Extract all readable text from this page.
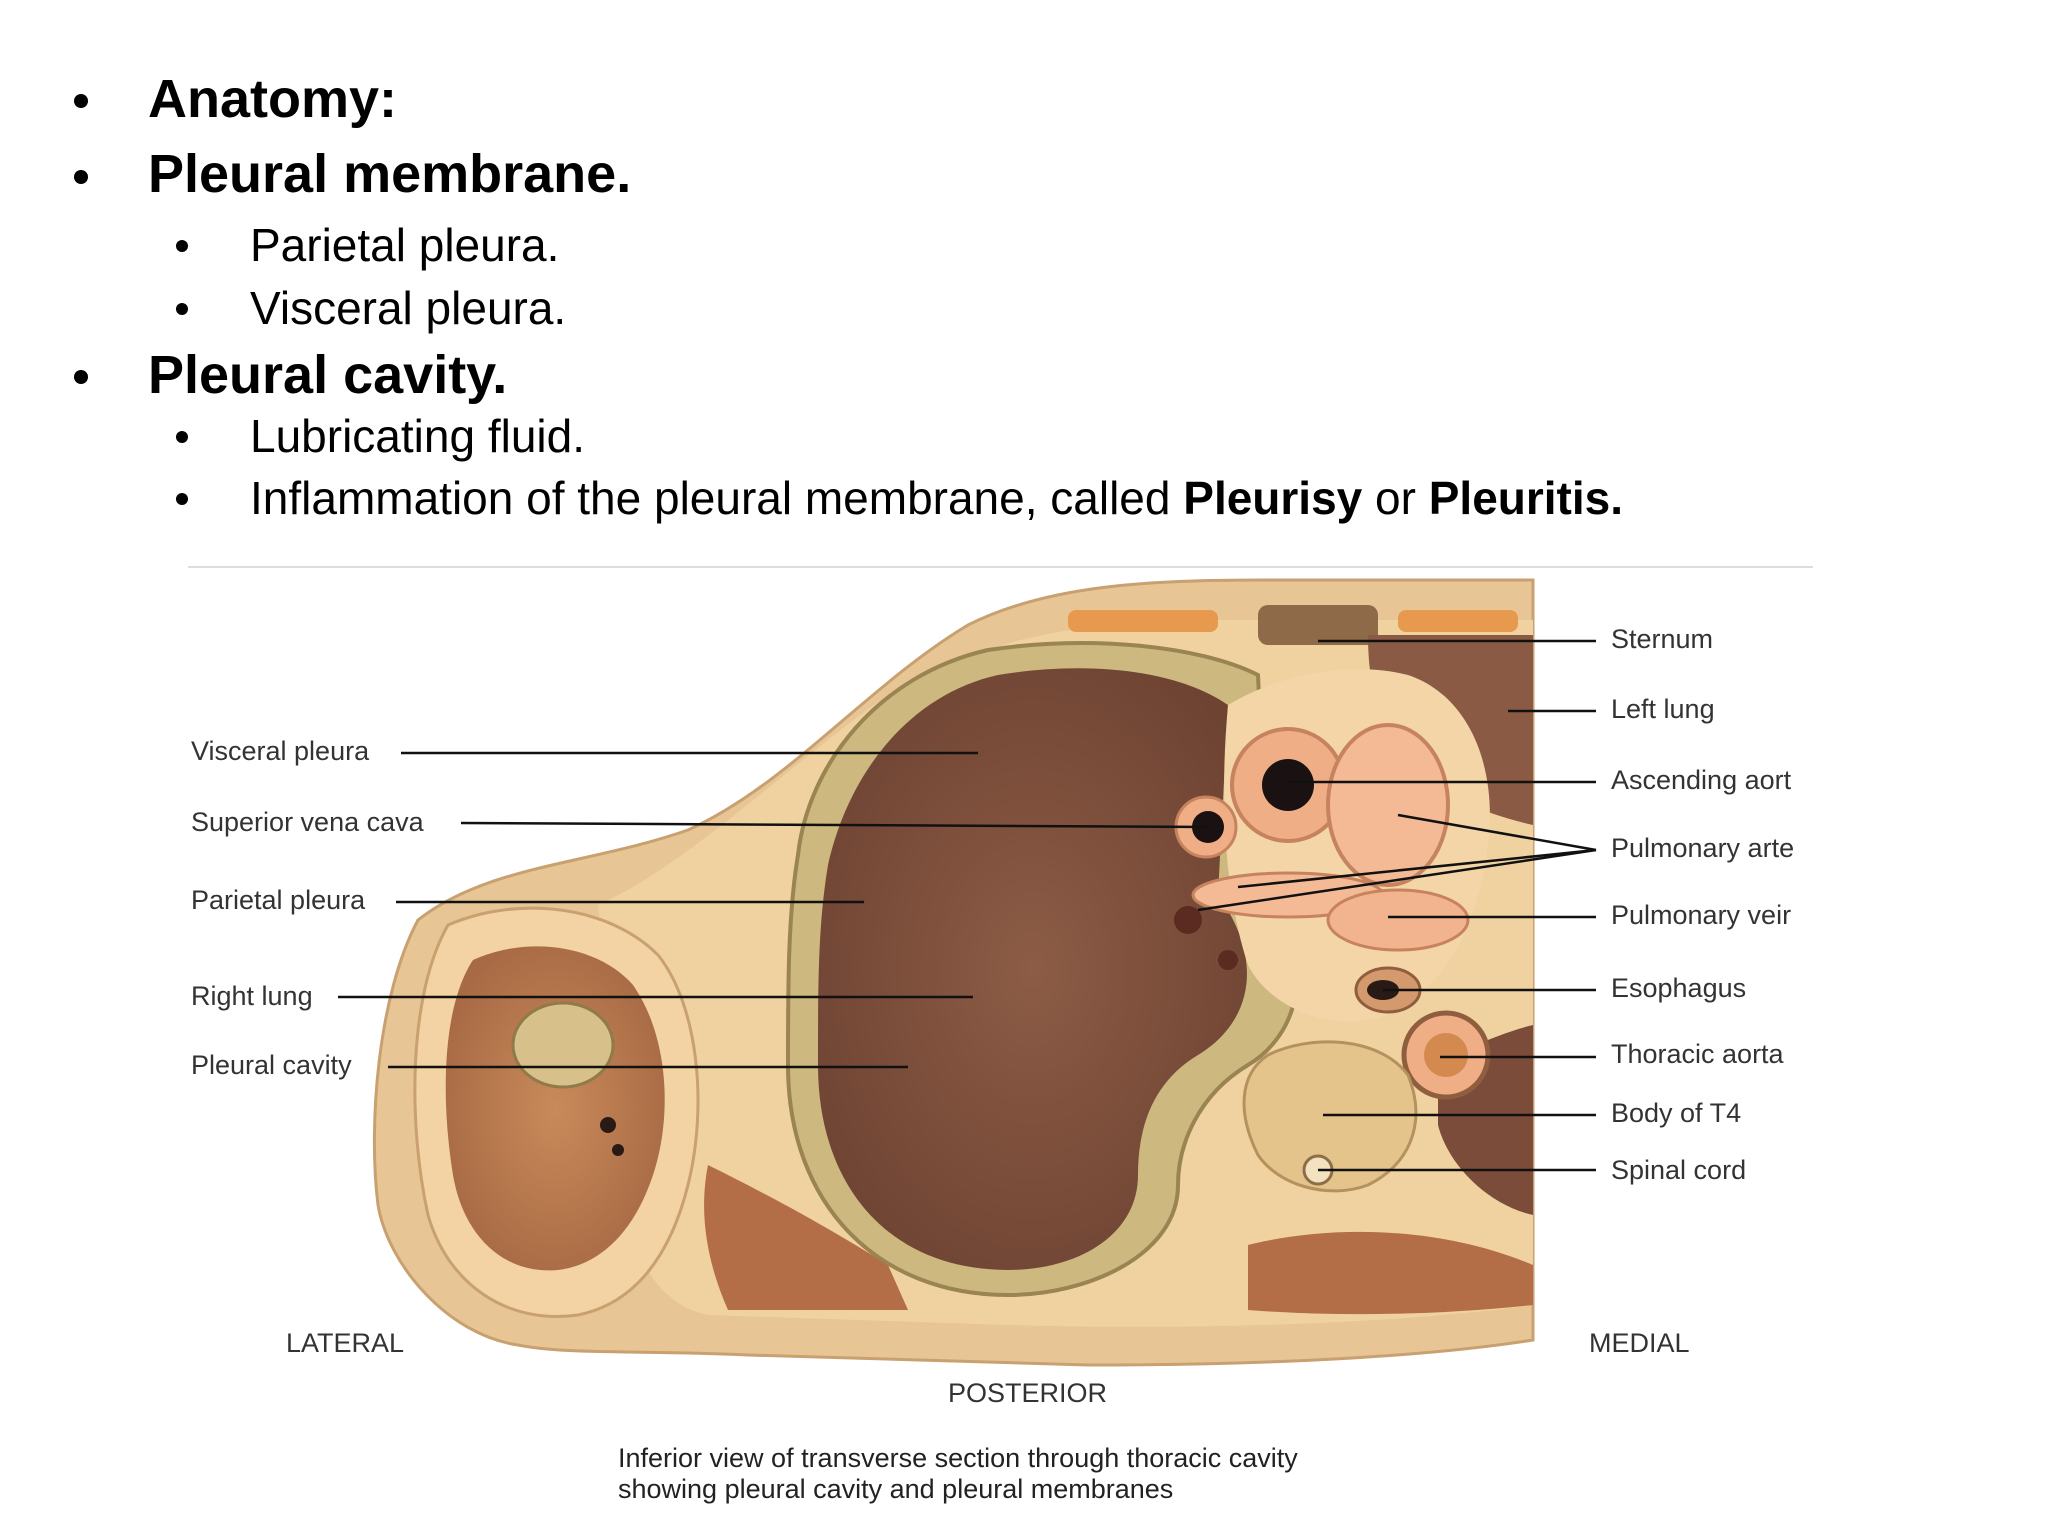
Anatomy:
Pleural membrane.
Parietal pleura.
Visceral pleura.
Pleural cavity.
Lubricating fluid.
Inflammation of the pleural membrane, called Pleurisy or Pleuritis.
Visceral pleura
Superior vena cava
Parietal pleura
Right lung
Pleural cavity
Sternum
Left lung
Ascending aort
Pulmonary arte
Pulmonary veir
Esophagus
Thoracic aorta
Body of T4
Spinal cord
LATERAL	MEDIAL
POSTERIOR
Inferior view of transverse section through thoracic cavity
showing pleural cavity and pleural membranes
